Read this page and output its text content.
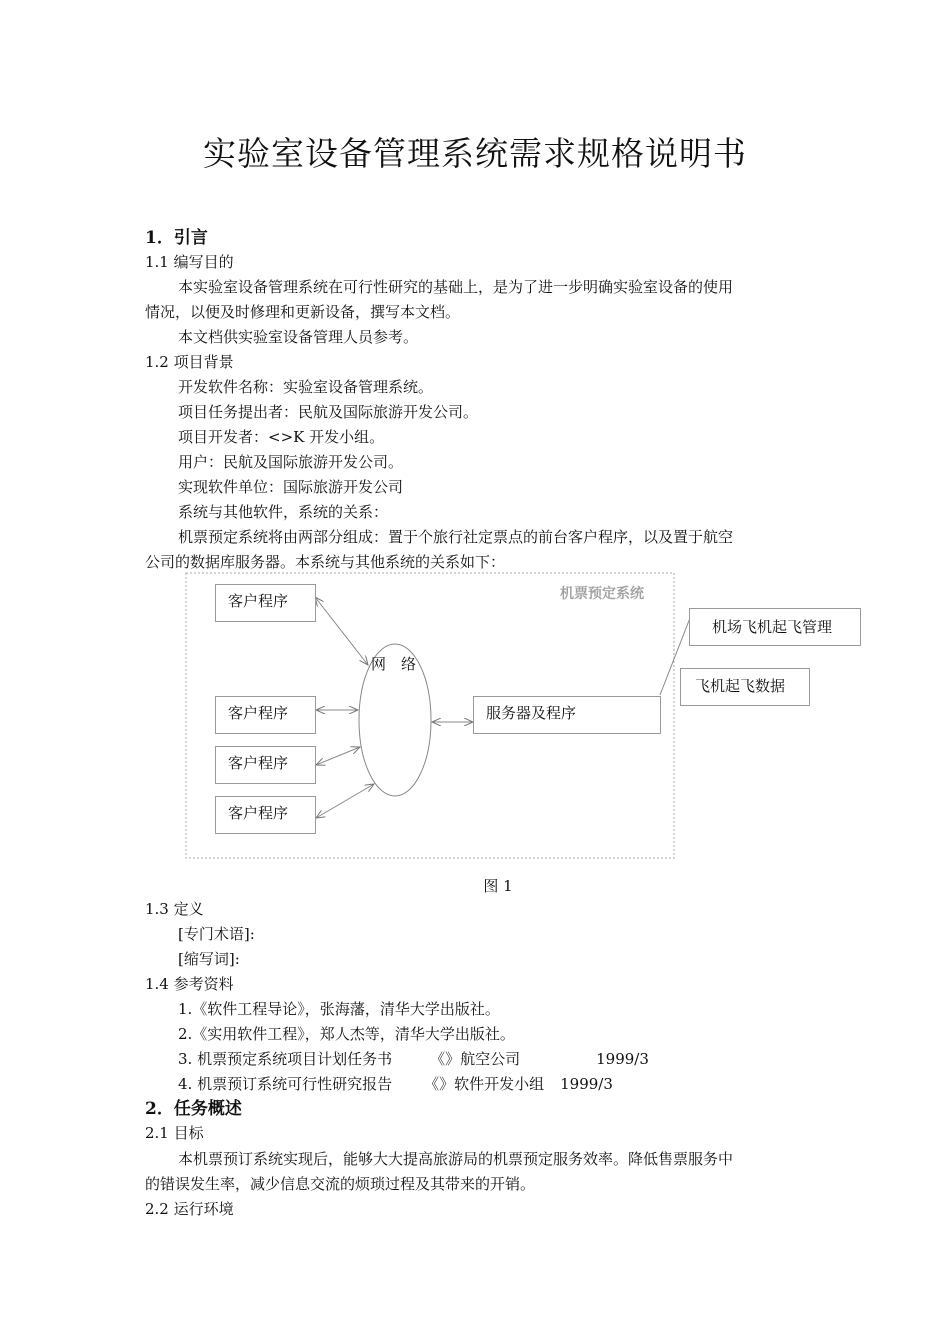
实验室设备管理系统需求规格说明书
1．引言
1.1 编写目的
本实验室设备管理系统在可行性研究的基础上，是为了进一步明确实验室设备的使用
情况，以便及时修理和更新设备，撰写本文档。
本文档供实验室设备管理人员参考。
1.2 项目背景
开发软件名称：实验室设备管理系统。
项目任务提出者：民航及国际旅游开发公司。
项目开发者：<>K 开发小组。
用户：民航及国际旅游开发公司。
实现软件单位：国际旅游开发公司
系统与其他软件，系统的关系：
机票预定系统将由两部分组成：置于个旅行社定票点的前台客户程序，以及置于航空
公司的数据库服务器。本系统与其他系统的关系如下：
机票预定系统
客户程序
客户程序
客户程序
客户程序
网　络
服务器及程序
机场飞机起飞管理
飞机起飞数据
图 1
1.3 定义
[专门术语]:
[缩写词]:
1.4 参考资料
1.《软件工程导论》，张海藩，清华大学出版社。
2.《实用软件工程》，郑人杰等，清华大学出版社。
3. 机票预定系统项目计划任务书	《》航空公司	1999/3
4. 机票预订系统可行性研究报告 《》软件开发小组 1999/3
2．任务概述
2.1 目标
本机票预订系统实现后，能够大大提高旅游局的机票预定服务效率。降低售票服务中
的错误发生率，减少信息交流的烦琐过程及其带来的开销。
2.2 运行环境
